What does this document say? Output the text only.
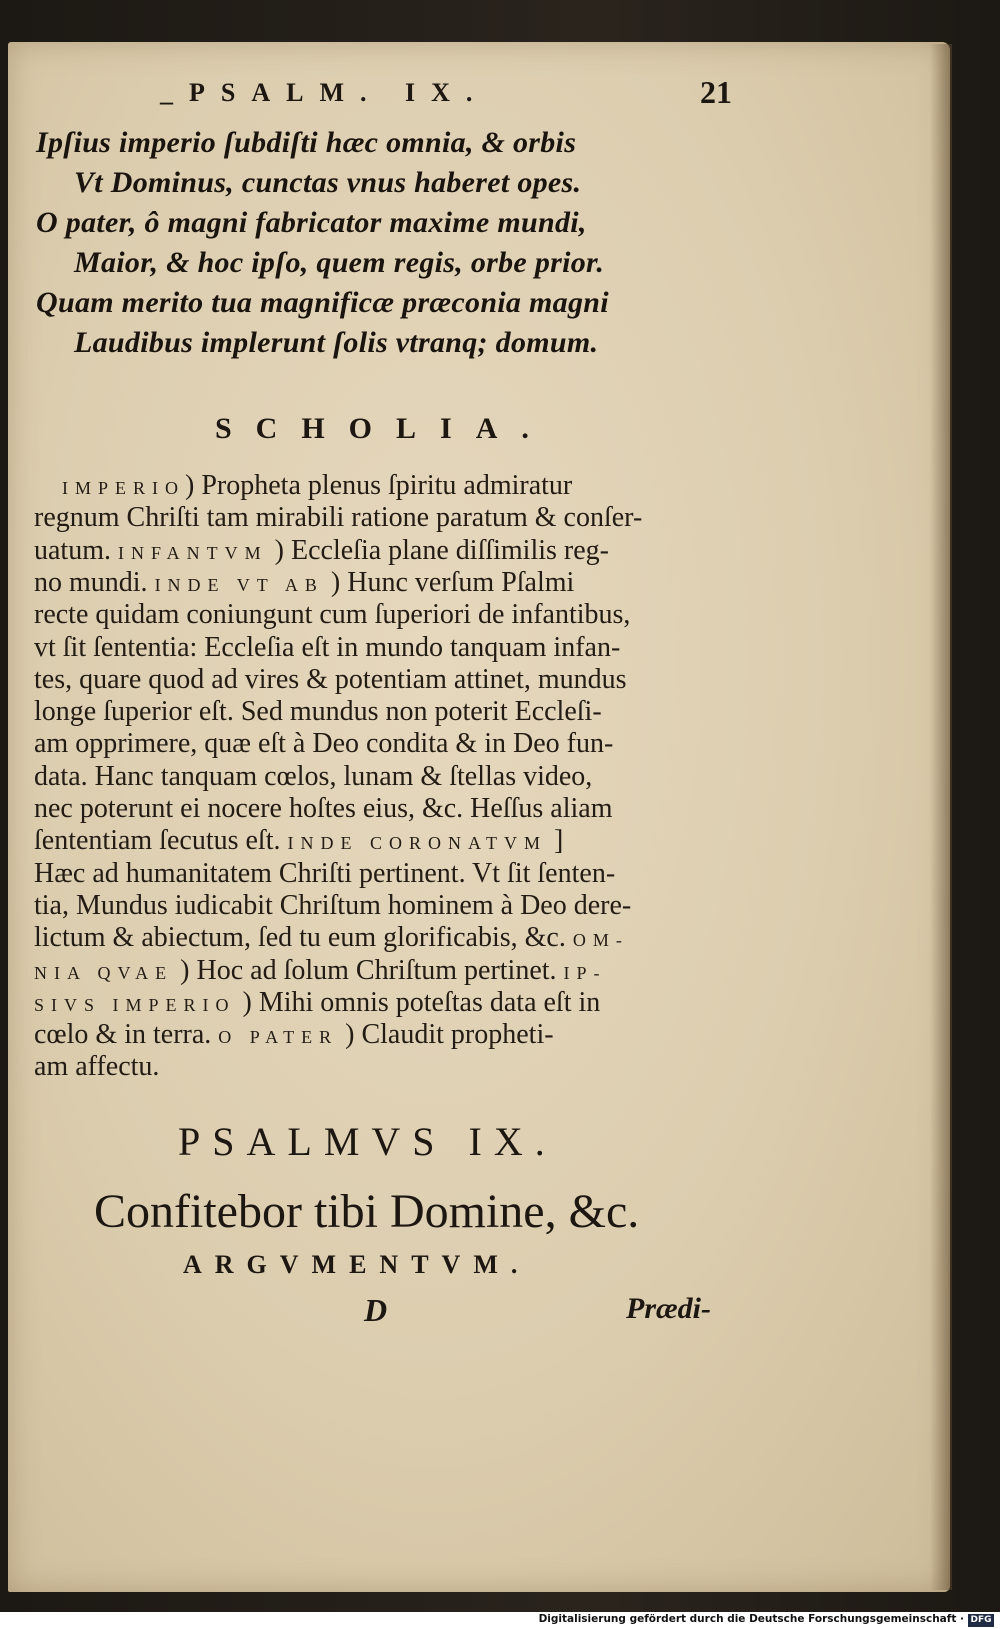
_PSALM. IX.	21
Ipſius imperio ſubdiſti hæc omnia, & orbis
Vt Dominus, cunctas vnus haberet opes.
O pater, ô magni fabricator maxime mundi,
Maior, & hoc ipſo, quem regis, orbe prior.
Quam merito tua magnificæ præconia magni
Laudibus implerunt ſolis vtranq; domum.
SCHOLIA.
IMPERIO) Propheta plenus ſpiritu admiratur
regnum Chriſti tam mirabili ratione paratum & conſer-
uatum. INFANTVM ) Eccleſia plane diſſimilis reg-
no mundi. INDE VT AB ) Hunc verſum Pſalmi
recte quidam coniungunt cum ſuperiori de infantibus,
vt ſit ſententia: Eccleſia eſt in mundo tanquam infan-
tes, quare quod ad vires & potentiam attinet, mundus
longe ſuperior eſt. Sed mundus non poterit Eccleſi-
am opprimere, quæ eſt à Deo condita & in Deo fun-
data. Hanc tanquam cœlos, lunam & ſtellas video,
nec poterunt ei nocere hoſtes eius, &c. Heſſus aliam
ſententiam ſecutus eſt. INDE CORONATVM ]
Hæc ad humanitatem Chriſti pertinent. Vt ſit ſenten-
tia, Mundus iudicabit Chriſtum hominem à Deo dere-
lictum & abiectum, ſed tu eum glorificabis, &c. OM-
NIA QVAE ) Hoc ad ſolum Chriſtum pertinet. IP-
SIVS IMPERIO ) Mihi omnis poteſtas data eſt in
cœlo & in terra. O PATER ) Claudit propheti-
am affectu.
PSALMVS IX.
Confitebor tibi Domine, &c.
ARGVMENTVM.
D	Prædi-
Digitalisierung gefördert durch die Deutsche Forschungsgemeinschaft · DFG
